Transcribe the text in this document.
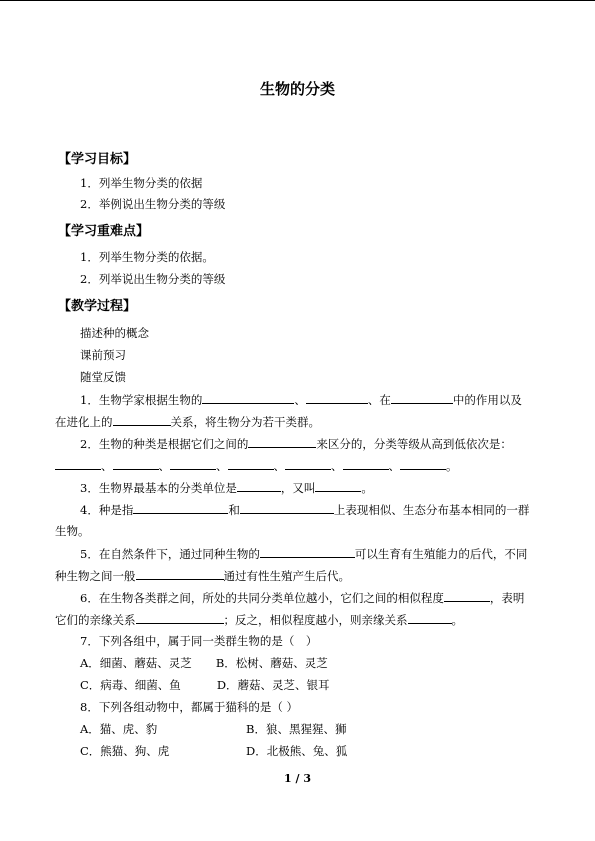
生物的分类
【学习目标】
1．列举生物分类的依据
2．举例说出生物分类的等级
【学习重难点】
1．列举生物分类的依据。
2．列举说出生物分类的等级
【教学过程】
描述种的概念
课前预习
随堂反馈
1．生物学家根据生物的	、	、在	中的作用以及
在进化上的	关系，将生物分为若干类群。
2．生物的种类是根据它们之间的	来区分的，分类等级从高到低依次是：
、	、	、	、	、	、	。
3．生物界最基本的分类单位是	，又叫	。
4．种是指	和	上表现相似、生态分布基本相同的一群
生物。
5．在自然条件下，通过同种生物的	可以生育有生殖能力的后代，不同
种生物之间一般	通过有性生殖产生后代。
6．在生物各类群之间，所处的共同分类单位越小，它们之间的相似程度	，表明
它们的亲缘关系	；反之，相似程度越小，则亲缘关系	。
7．下列各组中，属于同一类群生物的是（　）
A．细菌、蘑菇、灵芝 B．松树、蘑菇、灵芝
C．病毒、细菌、鱼	D．蘑菇、灵芝、银耳
8．下列各组动物中，都属于猫科的是（ ）
A．猫、虎、豹	B．狼、黑猩猩、狮
C．熊猫、狗、虎	D．北极熊、兔、狐
1 / 3
